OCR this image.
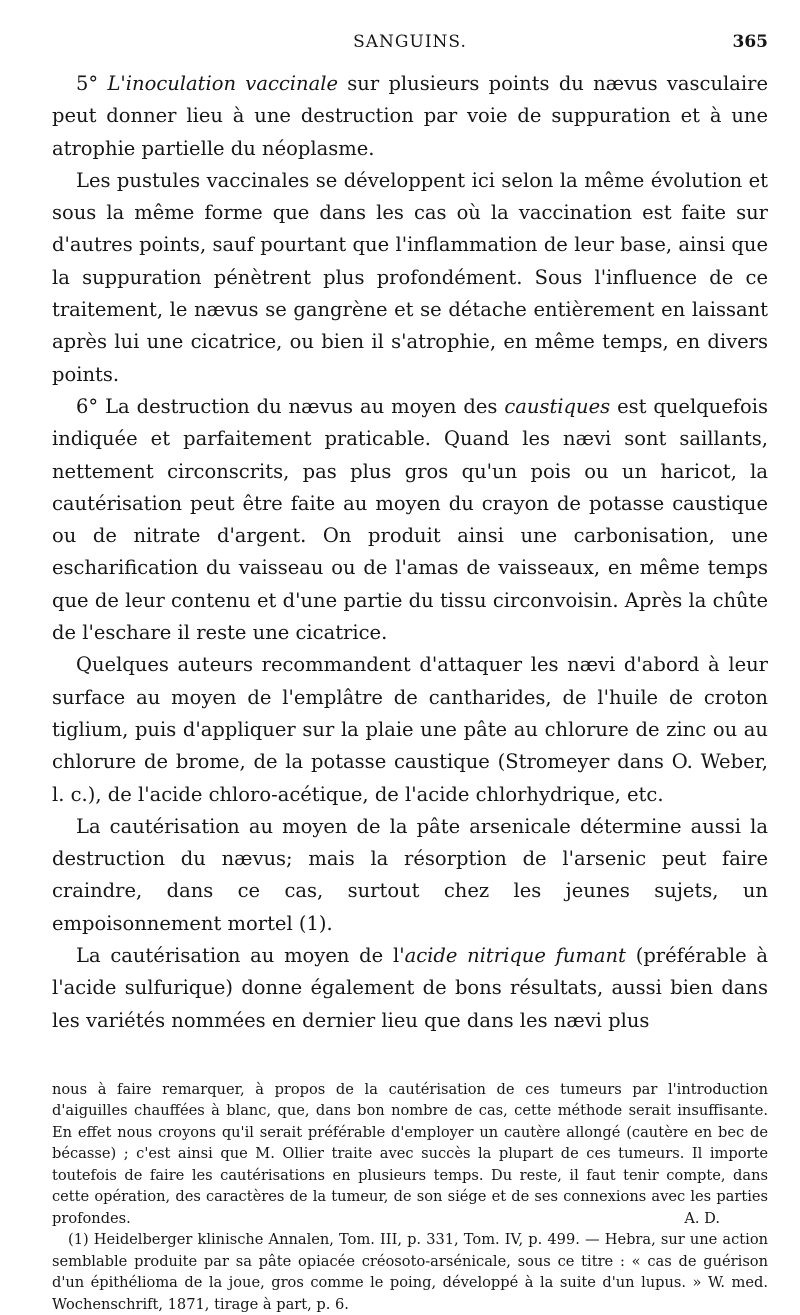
SANGUINS.	365

5° L'inoculation vaccinale sur plusieurs points du nævus vasculaire peut donner lieu à une destruction par voie de suppuration et à une atrophie partielle du néoplasme.

Les pustules vaccinales se développent ici selon la même évolution et sous la même forme que dans les cas où la vaccination est faite sur d'autres points, sauf pourtant que l'inflammation de leur base, ainsi que la suppuration pénètrent plus profondément. Sous l'influence de ce traitement, le nævus se gangrène et se détache entièrement en laissant après lui une cicatrice, ou bien il s'atrophie, en même temps, en divers points.

6° La destruction du nævus au moyen des caustiques est quelquefois indiquée et parfaitement praticable. Quand les nævi sont saillants, nettement circonscrits, pas plus gros qu'un pois ou un haricot, la cautérisation peut être faite au moyen du crayon de potasse caustique ou de nitrate d'argent. On produit ainsi une carbonisation, une escharification du vaisseau ou de l'amas de vaisseaux, en même temps que de leur contenu et d'une partie du tissu circonvoisin. Après la chûte de l'eschare il reste une cicatrice.

Quelques auteurs recommandent d'attaquer les nævi d'abord à leur surface au moyen de l'emplâtre de cantharides, de l'huile de croton tiglium, puis d'appliquer sur la plaie une pâte au chlorure de zinc ou au chlorure de brome, de la potasse caustique (Stromeyer dans O. Weber, l. c.), de l'acide chloro-acétique, de l'acide chlorhydrique, etc.

La cautérisation au moyen de la pâte arsenicale détermine aussi la destruction du nævus; mais la résorption de l'arsenic peut faire craindre, dans ce cas, surtout chez les jeunes sujets, un empoisonnement mortel (1).

La cautérisation au moyen de l'acide nitrique fumant (préférable à l'acide sulfurique) donne également de bons résultats, aussi bien dans les variétés nommées en dernier lieu que dans les nævi plus

nous à faire remarquer, à propos de la cautérisation de ces tumeurs par l'introduction d'aiguilles chauffées à blanc, que, dans bon nombre de cas, cette méthode serait insuffisante. En effet nous croyons qu'il serait préférable d'employer un cautère allongé (cautère en bec de bécasse) ; c'est ainsi que M. Ollier traite avec succès la plupart de ces tumeurs. Il importe toutefois de faire les cautérisations en plusieurs temps. Du reste, il faut tenir compte, dans cette opération, des caractères de la tumeur, de son siége et de ses connexions avec les parties profondes.	A. D.

(1) Heidelberger klinische Annalen, Tom. III, p. 331, Tom. IV, p. 499. — Hebra, sur une action semblable produite par sa pâte opiacée créosoto-arsénicale, sous ce titre : « cas de guérison d'un épithélioma de la joue, gros comme le poing, développé à la suite d'un lupus. » W. med. Wochenschrift, 1871, tirage à part, p. 6.
